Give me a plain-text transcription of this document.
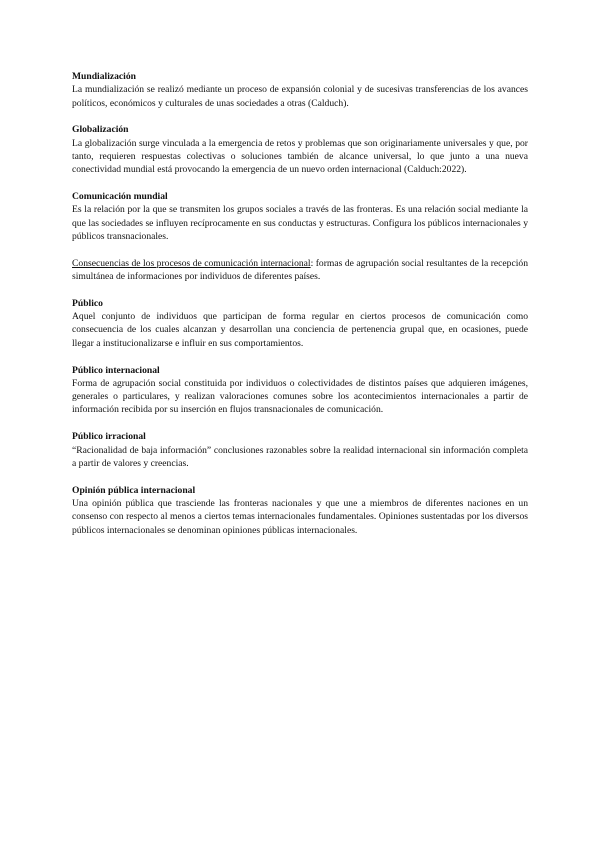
Mundialización

La mundialización se realizó mediante un proceso de expansión colonial y de sucesivas transferencias de los avances políticos, económicos y culturales de unas sociedades a otras (Calduch).

Globalización

La globalización surge vinculada a la emergencia de retos y problemas que son originariamente universales y que, por tanto, requieren respuestas colectivas o soluciones también de alcance universal, lo que junto a una nueva conectividad mundial está provocando la emergencia de un nuevo orden internacional (Calduch:2022).

Comunicación mundial

Es la relación por la que se transmiten los grupos sociales a través de las fronteras. Es una relación social mediante la que las sociedades se influyen recíprocamente en sus conductas y estructuras. Configura los públicos internacionales y públicos transnacionales.

Consecuencias de los procesos de comunicación internacional: formas de agrupación social resultantes de la recepción simultánea de informaciones por individuos de diferentes países.

Público

Aquel conjunto de individuos que participan de forma regular en ciertos procesos de comunicación como consecuencia de los cuales alcanzan y desarrollan una conciencia de pertenencia grupal que, en ocasiones, puede llegar a institucionalizarse e influir en sus comportamientos.

Público internacional

Forma de agrupación social constituida por individuos o colectividades de distintos países que adquieren imágenes, generales o particulares, y realizan valoraciones comunes sobre los acontecimientos internacionales a partir de información recibida por su inserción en flujos transnacionales de comunicación.

Público irracional

“Racionalidad de baja información” conclusiones razonables sobre la realidad internacional sin información completa a partir de valores y creencias.

Opinión pública internacional

Una opinión pública que trasciende las fronteras nacionales y que une a miembros de diferentes naciones en un consenso con respecto al menos a ciertos temas internacionales fundamentales. Opiniones sustentadas por los diversos públicos internacionales se denominan opiniones públicas internacionales.
